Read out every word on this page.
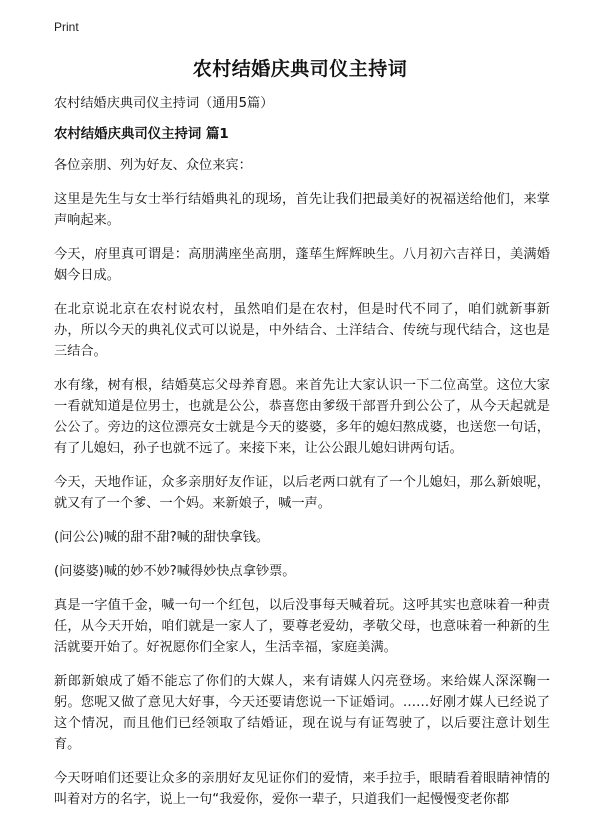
Print
农村结婚庆典司仪主持词

农村结婚庆典司仪主持词（通用5篇）

农村结婚庆典司仪主持词 篇1

各位亲朋、列为好友、众位来宾：

这里是先生与女士举行结婚典礼的现场，首先让我们把最美好的祝福送给他们，来掌声响起来。

今天，府里真可谓是：高朋满座坐高朋，蓬荜生辉辉映生。八月初六吉祥日，美满婚姻今日成。

在北京说北京在农村说农村，虽然咱们是在农村，但是时代不同了，咱们就新事新办，所以今天的典礼仪式可以说是，中外结合、土洋结合、传统与现代结合，这也是三结合。

水有缘，树有根，结婚莫忘父母养育恩。来首先让大家认识一下二位高堂。这位大家一看就知道是位男士，也就是公公，恭喜您由爹级干部晋升到公公了，从今天起就是公公了。旁边的这位漂亮女士就是今天的婆婆，多年的媳妇熬成婆，也送您一句话，有了儿媳妇，孙子也就不远了。来接下来，让公公跟儿媳妇讲两句话。

今天，天地作证，众多亲朋好友作证，以后老两口就有了一个儿媳妇，那么新娘呢，就又有了一个爹、一个妈。来新娘子，喊一声。

(问公公)喊的甜不甜?喊的甜快拿钱。

(问婆婆)喊的妙不妙?喊得妙快点拿钞票。

真是一字值千金，喊一句一个红包，以后没事每天喊着玩。这呼其实也意味着一种责任，从今天开始，咱们就是一家人了，要尊老爱幼，孝敬父母，也意味着一种新的生活就要开始了。好祝愿你们全家人，生活幸福，家庭美满。

新郎新娘成了婚不能忘了你们的大媒人，来有请媒人闪亮登场。来给媒人深深鞠一躬。您呢又做了意见大好事，今天还要请您说一下证婚词。……好刚才媒人已经说了这个情况，而且他们已经领取了结婚证，现在说与有证驾驶了，以后要注意计划生育。

今天呀咱们还要让众多的亲朋好友见证你们的爱情，来手拉手，眼睛看着眼睛神情的叫着对方的名字，说上一句“我爱你，爱你一辈子，只道我们一起慢慢变老你都
